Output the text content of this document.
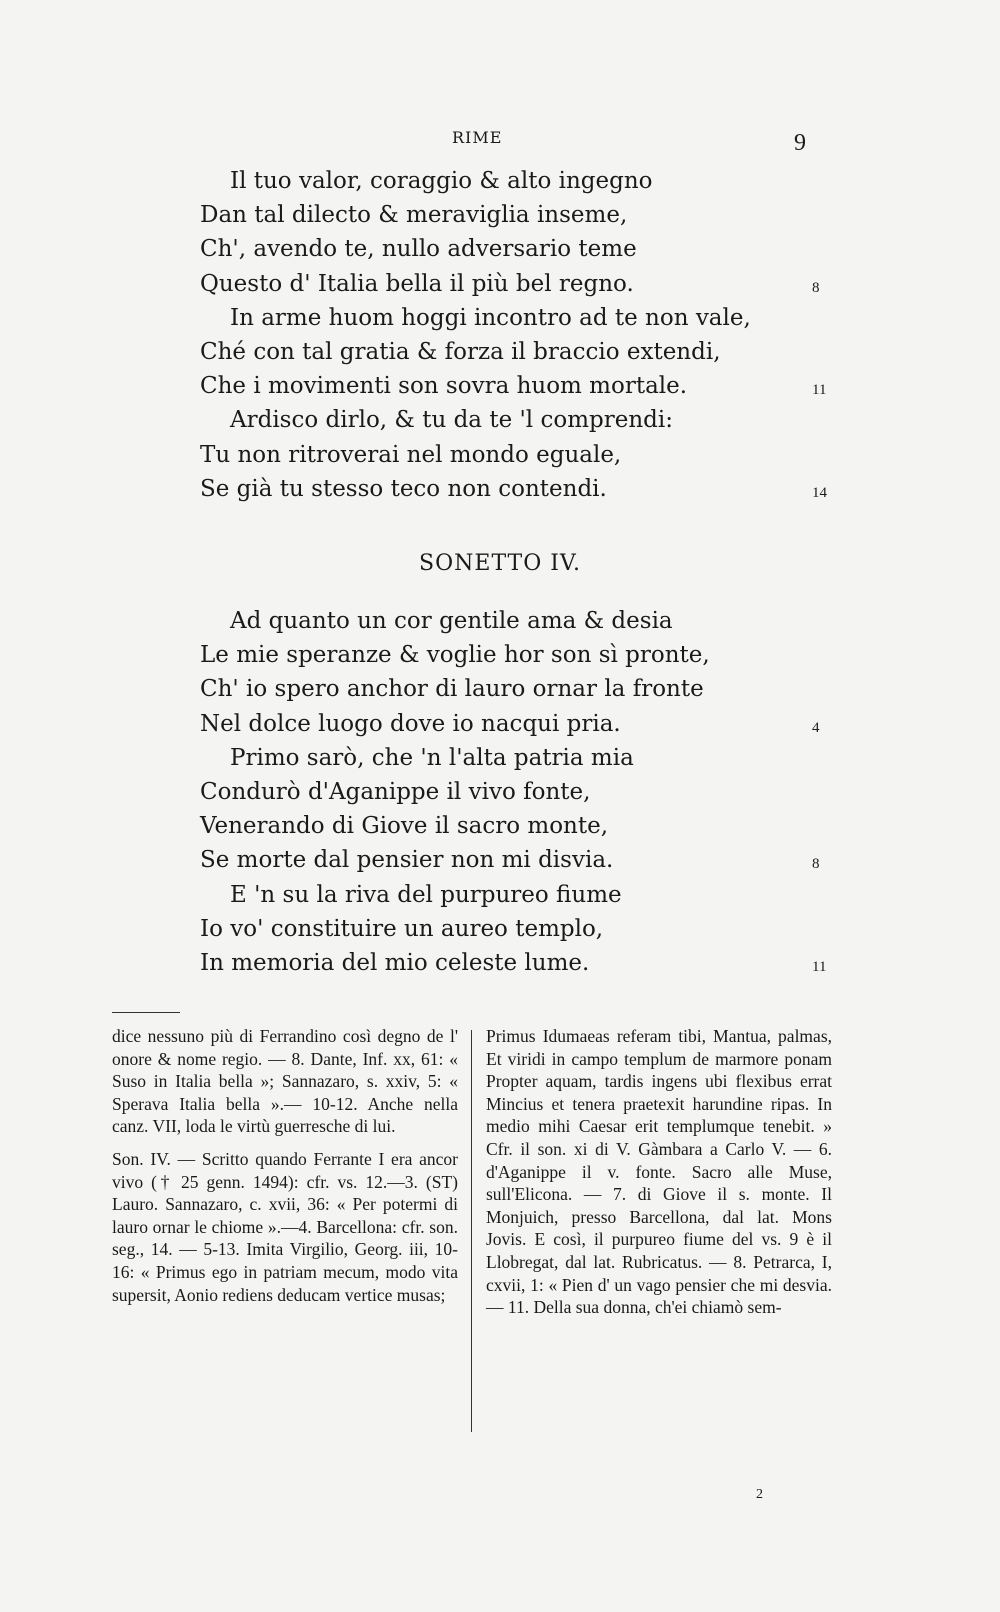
RIME	9
Il tuo valor, coraggio & alto ingegno
Dan tal dilecto & meraviglia inseme,
Ch', avendo te, nullo adversario teme
Questo d' Italia bella il più bel regno.	8
In arme huom hoggi incontro ad te non vale,
Ché con tal gratia & forza il braccio extendi,
Che i movimenti son sovra huom mortale.	11
Ardisco dirlo, & tu da te 'l comprendi:
Tu non ritroverai nel mondo eguale,
Se già tu stesso teco non contendi.	14
SONETTO IV.
Ad quanto un cor gentile ama & desia
Le mie speranze & voglie hor son sì pronte,
Ch' io spero anchor di lauro ornar la fronte
Nel dolce luogo dove io nacqui pria.	4
Primo sarò, che 'n l'alta patria mia
Condurò d'Aganippe il vivo fonte,
Venerando di Giove il sacro monte,
Se morte dal pensier non mi disvia.	8
E 'n su la riva del purpureo fiume
Io vo' constituire un aureo templo,
In memoria del mio celeste lume.	11

dice nessuno più di Ferrandino così degno de l' onore & nome regio. — 8. Dante, Inf. xx, 61: « Suso in Italia bella »; Sannazaro, s. xxiv, 5: « Sperava Italia bella ».— 10-12. Anche nella canz. VII, loda le virtù guerresche di lui.

Son. IV. — Scritto quando Ferrante I era ancor vivo († 25 genn. 1494): cfr. vs. 12.—3. (ST) Lauro. Sannazaro, c. xvii, 36: « Per potermi di lauro ornar le chiome ».—4. Barcellona: cfr. son. seg., 14. — 5-13. Imita Virgilio, Georg. iii, 10-16: « Primus ego in patriam mecum, modo vita supersit, Aonio rediens deducam vertice musas;

Primus Idumaeas referam tibi, Mantua, palmas, Et viridi in campo templum de marmore ponam Propter aquam, tardis ingens ubi flexibus errat Mincius et tenera praetexit harundine ripas. In medio mihi Caesar erit templumque tenebit. » Cfr. il son. xi di V. Gàmbara a Carlo V. — 6. d'Aganippe il v. fonte. Sacro alle Muse, sull'Elicona. — 7. di Giove il s. monte. Il Monjuich, presso Barcellona, dal lat. Mons Jovis. E così, il purpureo fiume del vs. 9 è il Llobregat, dal lat. Rubricatus. — 8. Petrarca, I, cxvii, 1: « Pien d' un vago pensier che mi desvia.— 11. Della sua donna, ch'ei chiamò sem-

2
